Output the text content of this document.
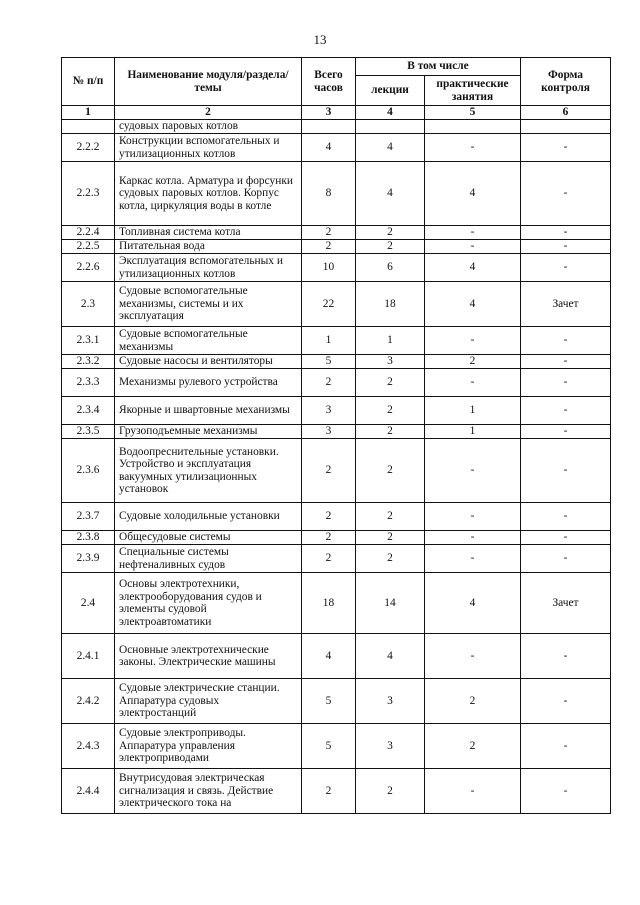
13
№ п/п	Наименование модуля/раздела/темы	Всего часов	В том числе		Форма контроля
			лекции	практические занятия	
1	2	3	4	5	6
	судовых паровых котлов				
2.2.2	Конструкции вспомогательных и утилизационных котлов	4	4	-	-
2.2.3	Каркас котла. Арматура и форсунки судовых паровых котлов. Корпус котла, циркуляция воды в котле	8	4	4	-
2.2.4	Топливная система котла	2	2	-	-
2.2.5	Питательная вода	2	2	-	-
2.2.6	Эксплуатация вспомогательных и утилизационных котлов	10	6	4	-
2.3	Судовые вспомогательные механизмы, системы и их эксплуатация	22	18	4	Зачет
2.3.1	Судовые вспомогательные механизмы	1	1	-	-
2.3.2	Судовые насосы и вентиляторы	5	3	2	-
2.3.3	Механизмы рулевого устройства	2	2	-	-
2.3.4	Якорные и швартовные механизмы	3	2	1	-
2.3.5	Грузоподъемные механизмы	3	2	1	-
2.3.6	Водоопреснительные установки. Устройство и эксплуатация вакуумных утилизационных установок	2	2	-	-
2.3.7	Судовые холодильные установки	2	2	-	-
2.3.8	Общесудовые системы	2	2	-	-
2.3.9	Специальные системы нефтеналивных судов	2	2	-	-
2.4	Основы электротехники, электрооборудования судов и элементы судовой электроавтоматики	18	14	4	Зачет
2.4.1	Основные электротехнические законы. Электрические машины	4	4	-	-
2.4.2	Судовые электрические станции. Аппаратура судовых электростанций	5	3	2	-
2.4.3	Судовые электроприводы. Аппаратура управления электроприводами	5	3	2	-
2.4.4	Внутрисудовая электрическая сигнализация и связь. Действие электрического тока на	2	2	-	-
